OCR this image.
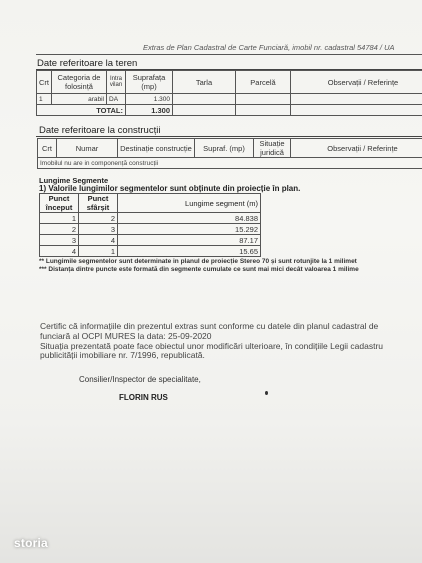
Extras de Plan Cadastral de Carte Funciară, imobil nr. cadastral 54784 / UA
Date referitoare la teren
Crt	Categoria de folosință	Intra vilan	Suprafața (mp)	Tarla	Parcelă	Observații / Referințe
1	arabil	DA	1.300			
TOTAL:			1.300			
Date referitoare la construcții
Crt	Numar	Destinație construcție	Supraf. (mp)	Situație juridică	Observații / Referințe
Imobilul nu are in componență construcții
Lungime Segmente
1) Valorile lungimilor segmentelor sunt obținute din proiecție în plan.
Punct început	Punct sfârșit	Lungime segment (m)
1	2	84.838
2	3	15.292
3	4	87.17
4	1	15.65
** Lungimile segmentelor sunt determinate in planul de proiecție Stereo 70 și sunt rotunjite la 1 milimet
*** Distanța dintre puncte este formată din segmente cumulate ce sunt mai mici decât valoarea 1 milime
Certific că informațiile din prezentul extras sunt conforme cu datele din planul cadastral de
funciară al OCPI MURES la data: 25-09-2020
Situația prezentată poate face obiectul unor modificări ulterioare, în condițiile Legii cadastru
publicității imobiliare nr. 7/1996, republicată.
Consilier/Inspector de specialitate,
FLORIN RUS
storia
